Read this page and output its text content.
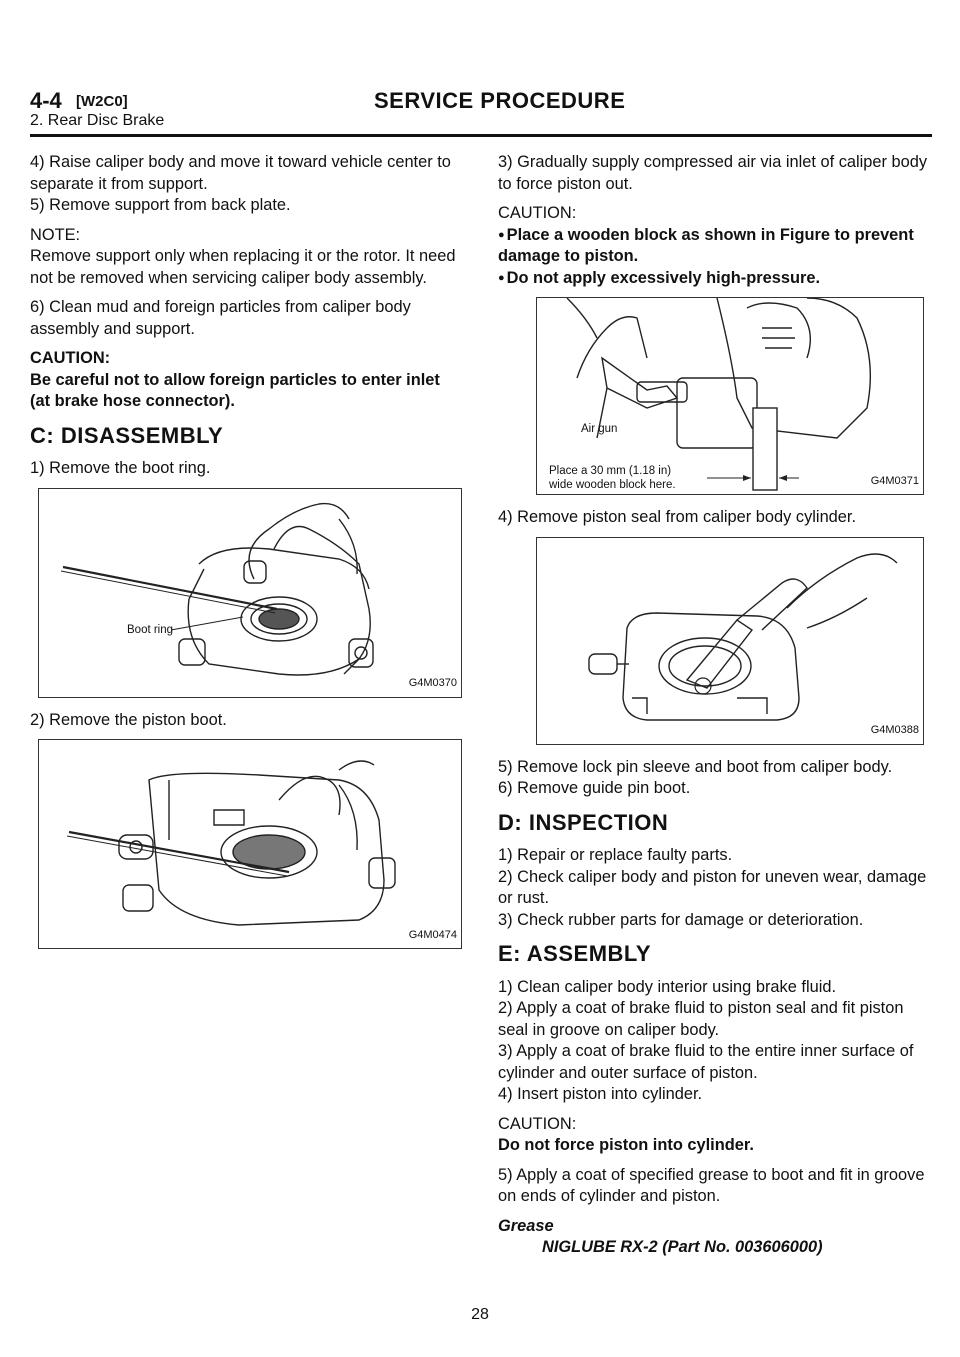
4-4 [W2C0]	SERVICE PROCEDURE
2. Rear Disc Brake

4) Raise caliper body and move it toward vehicle center to separate it from support.

5) Remove support from back plate.

NOTE:

Remove support only when replacing it or the rotor. It need not be removed when servicing caliper body assembly.

6) Clean mud and foreign particles from caliper body assembly and support.

CAUTION:

Be careful not to allow foreign particles to enter inlet (at brake hose connector).

C: DISASSEMBLY

1) Remove the boot ring.

Boot ring
G4M0370

2) Remove the piston boot.

G4M0474

3) Gradually supply compressed air via inlet of caliper body to force piston out.

CAUTION:

● Place a wooden block as shown in Figure to prevent damage to piston.

● Do not apply excessively high-pressure.

Air gun
Place a 30 mm (1.18 in)
wide wooden block here.	G4M0371

4) Remove piston seal from caliper body cylinder.

G4M0388

5) Remove lock pin sleeve and boot from caliper body.

6) Remove guide pin boot.

D: INSPECTION

1) Repair or replace faulty parts.

2) Check caliper body and piston for uneven wear, damage or rust.

3) Check rubber parts for damage or deterioration.

E: ASSEMBLY

1) Clean caliper body interior using brake fluid.

2) Apply a coat of brake fluid to piston seal and fit piston seal in groove on caliper body.

3) Apply a coat of brake fluid to the entire inner surface of cylinder and outer surface of piston.

4) Insert piston into cylinder.

CAUTION:

Do not force piston into cylinder.

5) Apply a coat of specified grease to boot and fit in groove on ends of cylinder and piston.

Grease

NIGLUBE RX-2 (Part No. 003606000)

28
